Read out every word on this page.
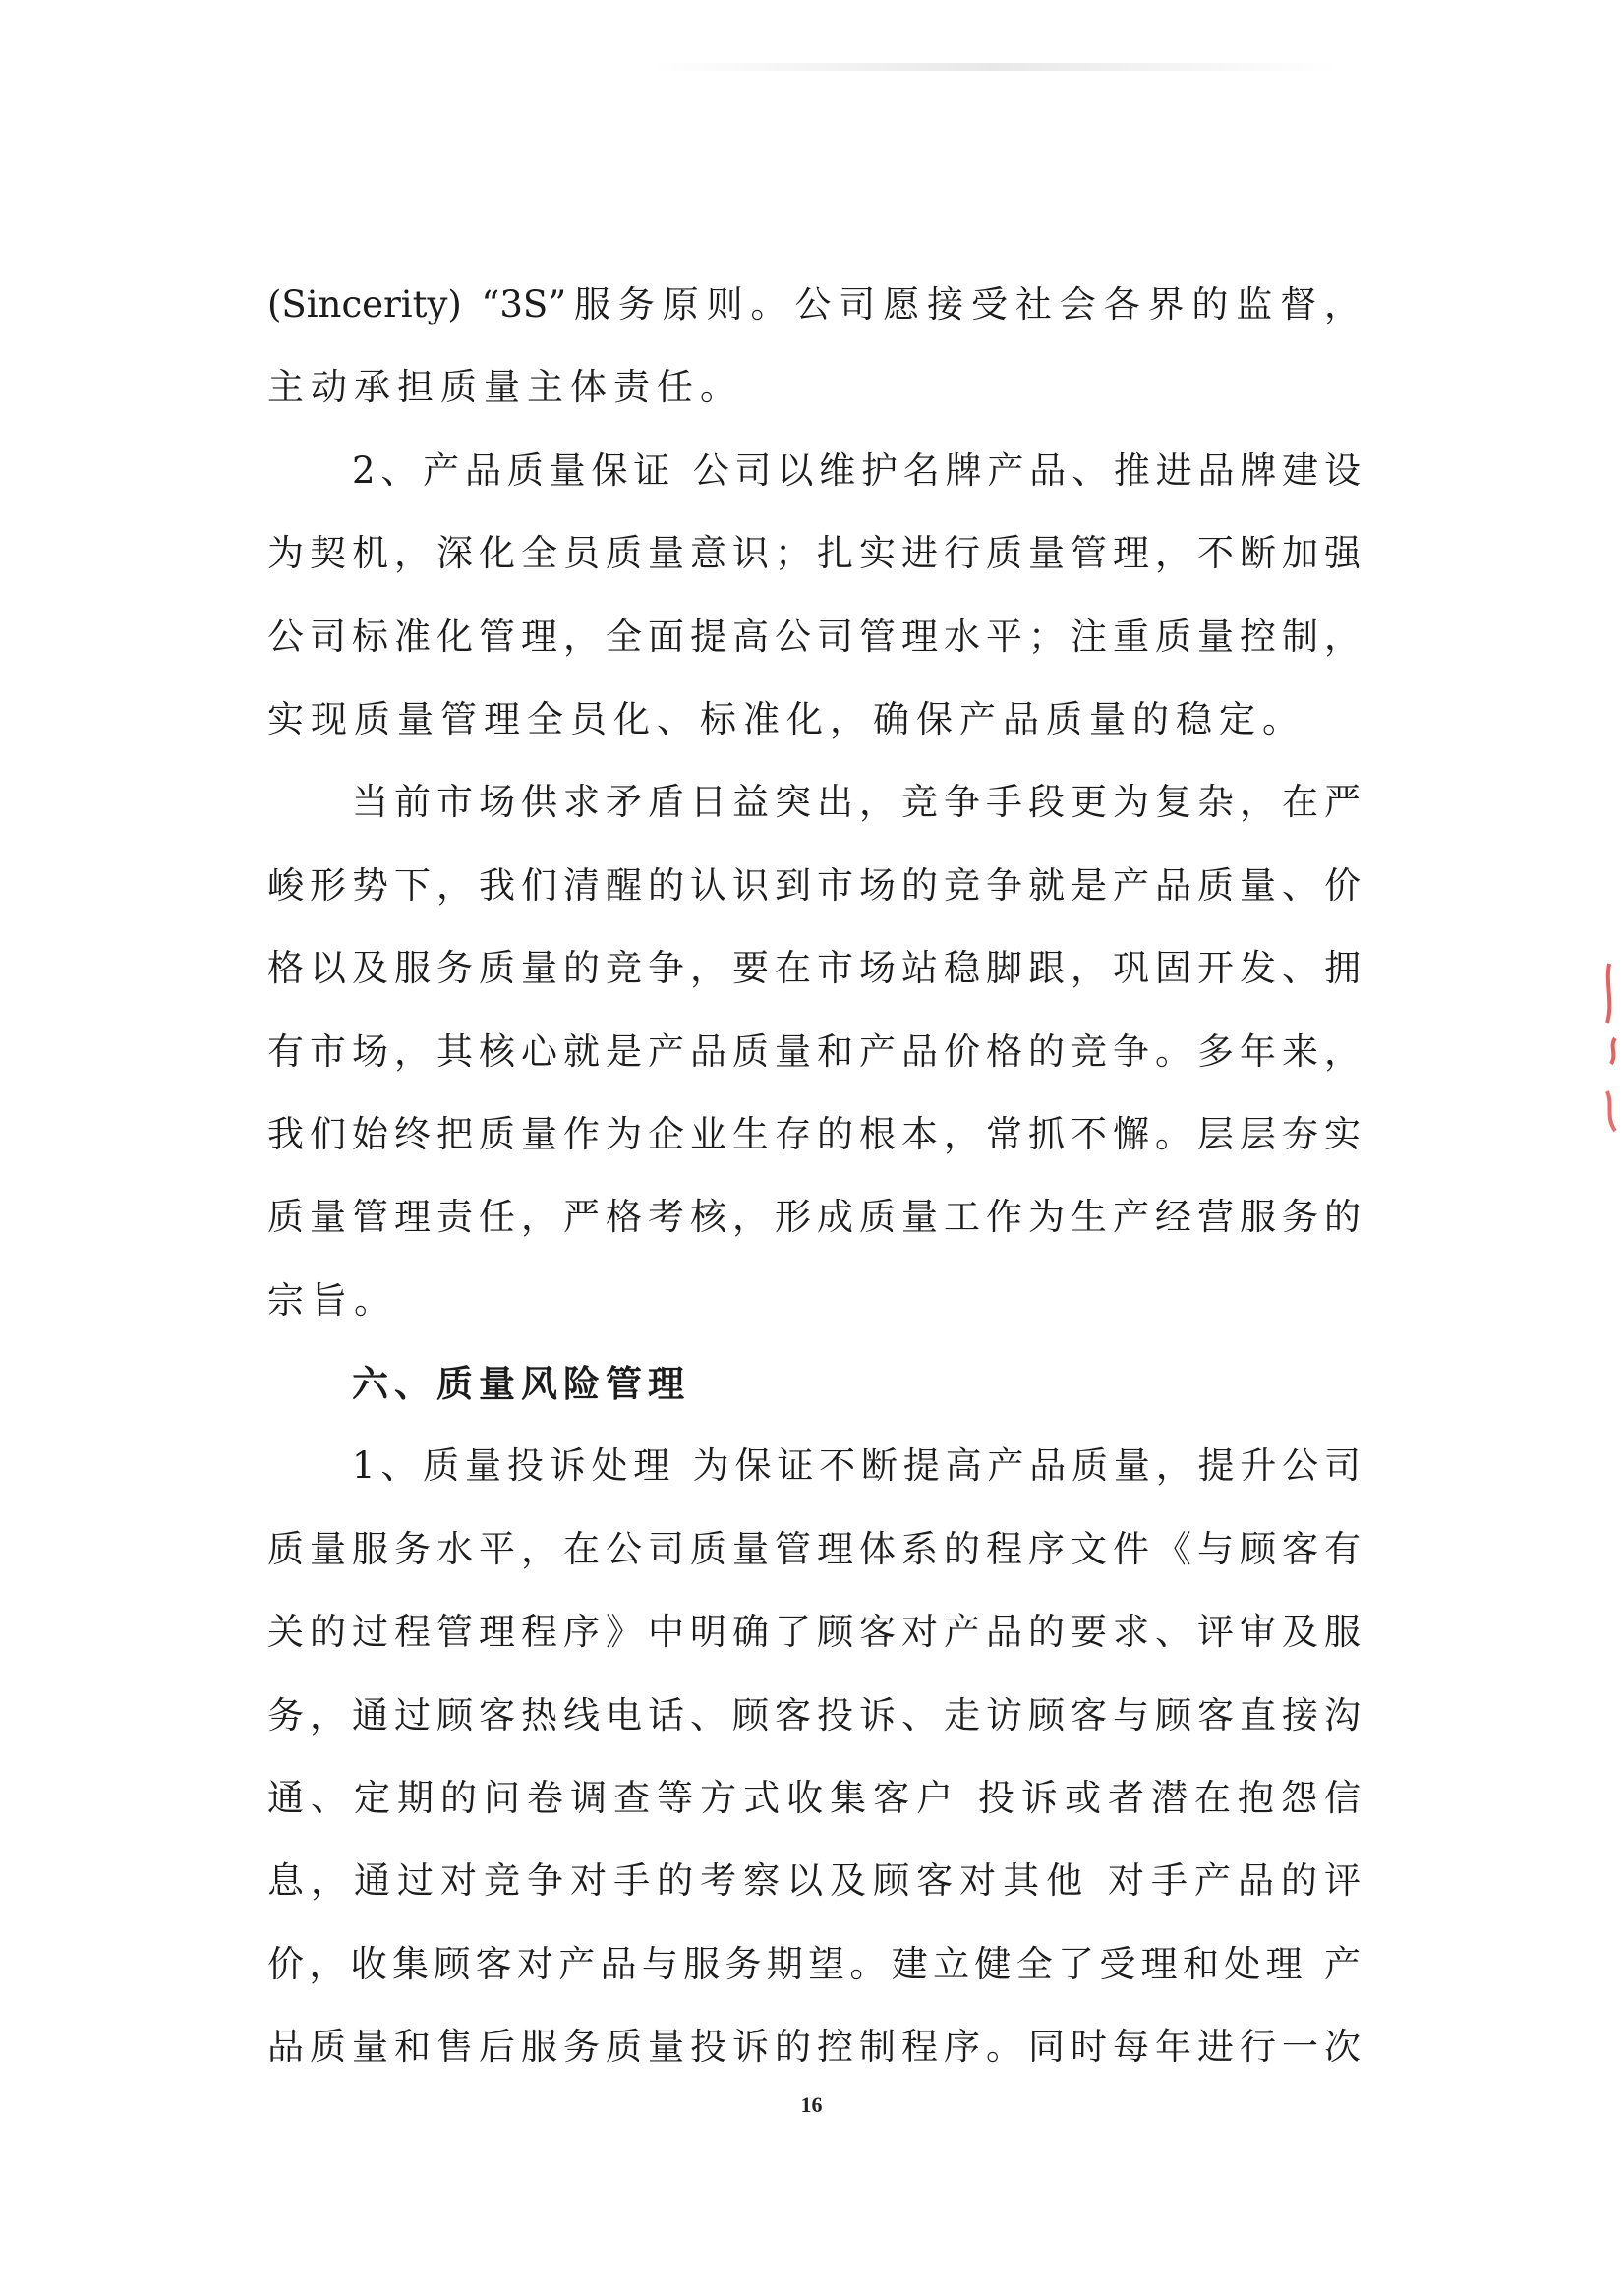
(Sincerity) “3S”服务原则。公司愿接受社会各界的监督，
主动承担质量主体责任。
2、产品质量保证 公司以维护名牌产品、推进品牌建设
为契机，深化全员质量意识；扎实进行质量管理，不断加强
公司标准化管理，全面提高公司管理水平；注重质量控制，
实现质量管理全员化、标准化，确保产品质量的稳定。
当前市场供求矛盾日益突出，竞争手段更为复杂，在严
峻形势下，我们清醒的认识到市场的竞争就是产品质量、价
格以及服务质量的竞争，要在市场站稳脚跟，巩固开发、拥
有市场，其核心就是产品质量和产品价格的竞争。多年来，
我们始终把质量作为企业生存的根本，常抓不懈。层层夯实
质量管理责任，严格考核，形成质量工作为生产经营服务的
宗旨。
六、质量风险管理
1、质量投诉处理 为保证不断提高产品质量，提升公司
质量服务水平，在公司质量管理体系的程序文件《与顾客有
关的过程管理程序》中明确了顾客对产品的要求、评审及服
务，通过顾客热线电话、顾客投诉、走访顾客与顾客直接沟
通、定期的问卷调查等方式收集客户 投诉或者潜在抱怨信
息，通过对竞争对手的考察以及顾客对其他 对手产品的评
价，收集顾客对产品与服务期望。建立健全了受理和处理 产
品质量和售后服务质量投诉的控制程序。同时每年进行一次
16
